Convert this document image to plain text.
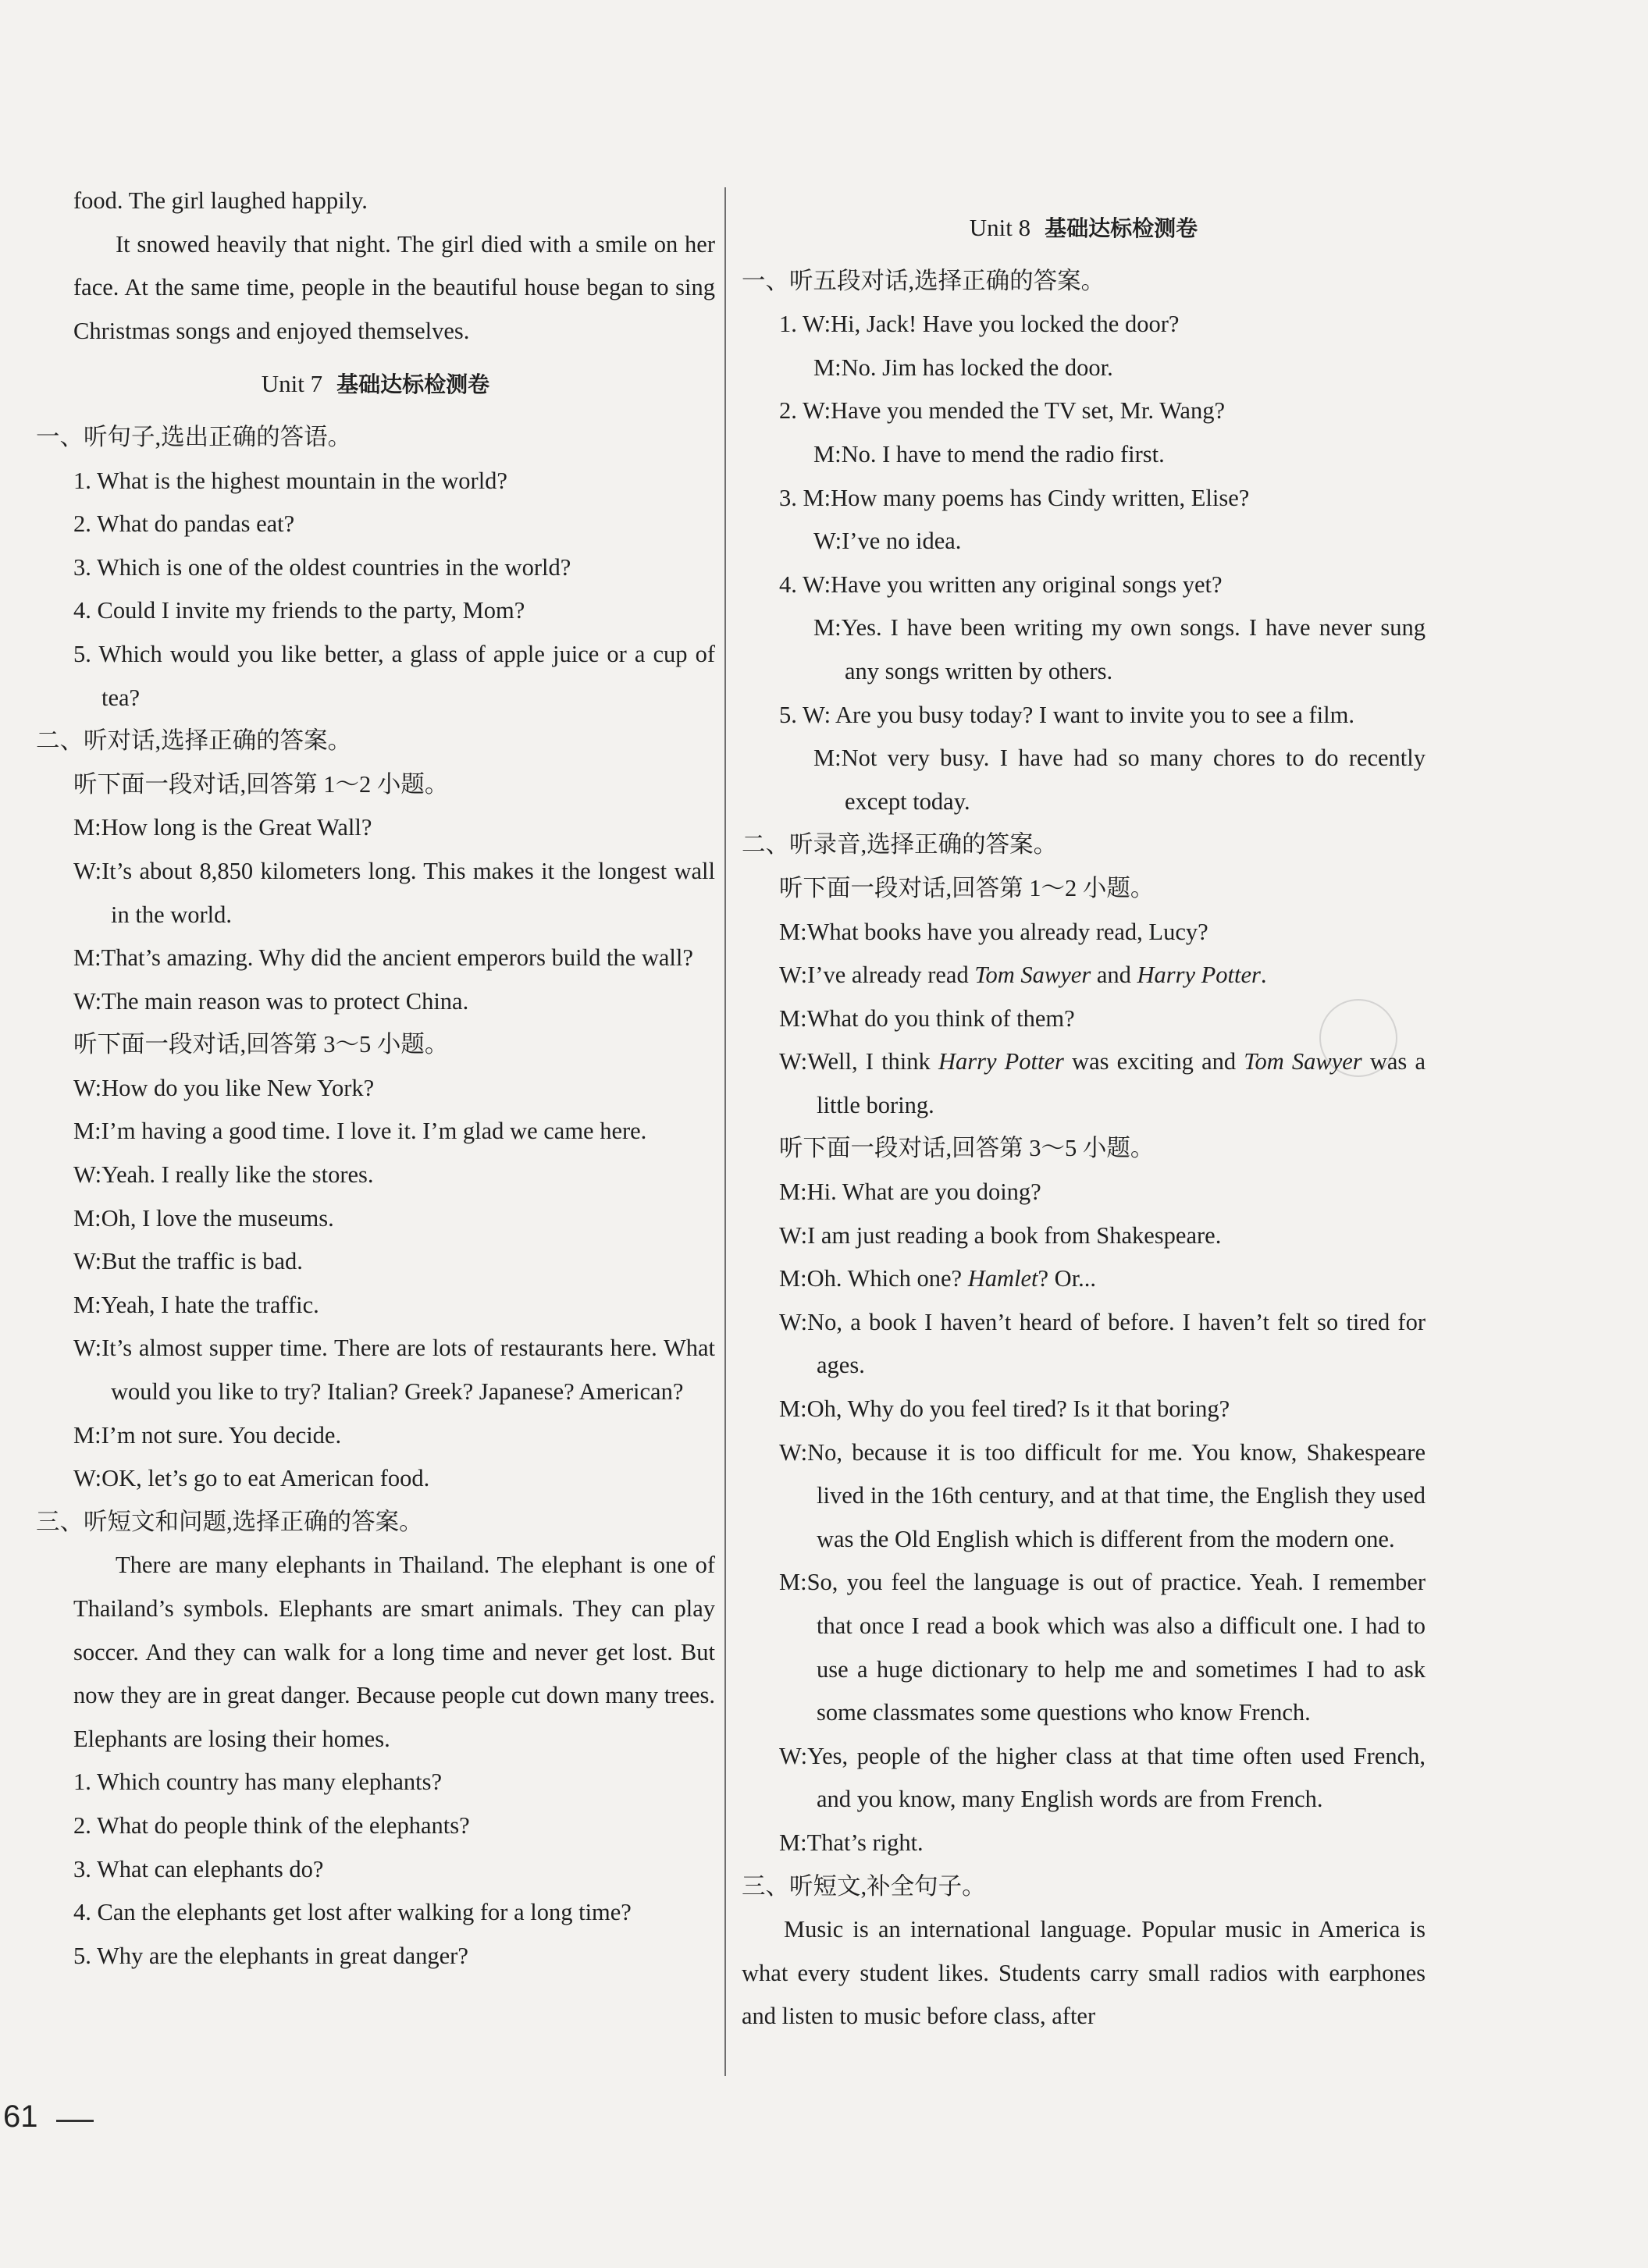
food. The girl laughed happily.

It snowed heavily that night. The girl died with a smile on her face. At the same time, people in the beautiful house began to sing Christmas songs and enjoyed themselves.

Unit 7 基础达标检测卷

一、听句子,选出正确的答语。

1. What is the highest mountain in the world?

2. What do pandas eat?

3. Which is one of the oldest countries in the world?

4. Could I invite my friends to the party, Mom?

5. Which would you like better, a glass of apple juice or a cup of tea?

二、听对话,选择正确的答案。

听下面一段对话,回答第 1～2 小题。

M:How long is the Great Wall?

W:It’s about 8,850 kilometers long. This makes it the longest wall in the world.

M:That’s amazing. Why did the ancient emperors build the wall?

W:The main reason was to protect China.

听下面一段对话,回答第 3～5 小题。

W:How do you like New York?

M:I’m having a good time. I love it. I’m glad we came here.

W:Yeah. I really like the stores.

M:Oh, I love the museums.

W:But the traffic is bad.

M:Yeah, I hate the traffic.

W:It’s almost supper time. There are lots of restaurants here. What would you like to try? Italian? Greek? Japanese? American?

M:I’m not sure. You decide.

W:OK, let’s go to eat American food.

三、听短文和问题,选择正确的答案。

There are many elephants in Thailand. The elephant is one of Thailand’s symbols. Elephants are smart animals. They can play soccer. And they can walk for a long time and never get lost. But now they are in great danger. Because people cut down many trees. Elephants are losing their homes.

1. Which country has many elephants?

2. What do people think of the elephants?

3. What can elephants do?

4. Can the elephants get lost after walking for a long time?

5. Why are the elephants in great danger?

Unit 8 基础达标检测卷

一、听五段对话,选择正确的答案。

1. W:Hi, Jack! Have you locked the door?

M:No. Jim has locked the door.

2. W:Have you mended the TV set, Mr. Wang?

M:No. I have to mend the radio first.

3. M:How many poems has Cindy written, Elise?

W:I’ve no idea.

4. W:Have you written any original songs yet?

M:Yes. I have been writing my own songs. I have never sung any songs written by others.

5. W: Are you busy today? I want to invite you to see a film.

M:Not very busy. I have had so many chores to do recently except today.

二、听录音,选择正确的答案。

听下面一段对话,回答第 1～2 小题。

M:What books have you already read, Lucy?

W:I’ve already read Tom Sawyer and Harry Potter.

M:What do you think of them?

W:Well, I think Harry Potter was exciting and Tom Sawyer was a little boring.

听下面一段对话,回答第 3～5 小题。

M:Hi. What are you doing?

W:I am just reading a book from Shakespeare.

M:Oh. Which one? Hamlet? Or...

W:No, a book I haven’t heard of before. I haven’t felt so tired for ages.

M:Oh, Why do you feel tired? Is it that boring?

W:No, because it is too difficult for me. You know, Shakespeare lived in the 16th century, and at that time, the English they used was the Old English which is different from the modern one.

M:So, you feel the language is out of practice. Yeah. I remember that once I read a book which was also a difficult one. I had to use a huge dictionary to help me and sometimes I had to ask some classmates some questions who know French.

W:Yes, people of the higher class at that time often used French, and you know, many English words are from French.

M:That’s right.

三、听短文,补全句子。

Music is an international language. Popular music in America is what every student likes. Students carry small radios with earphones and listen to music before class, after

61
